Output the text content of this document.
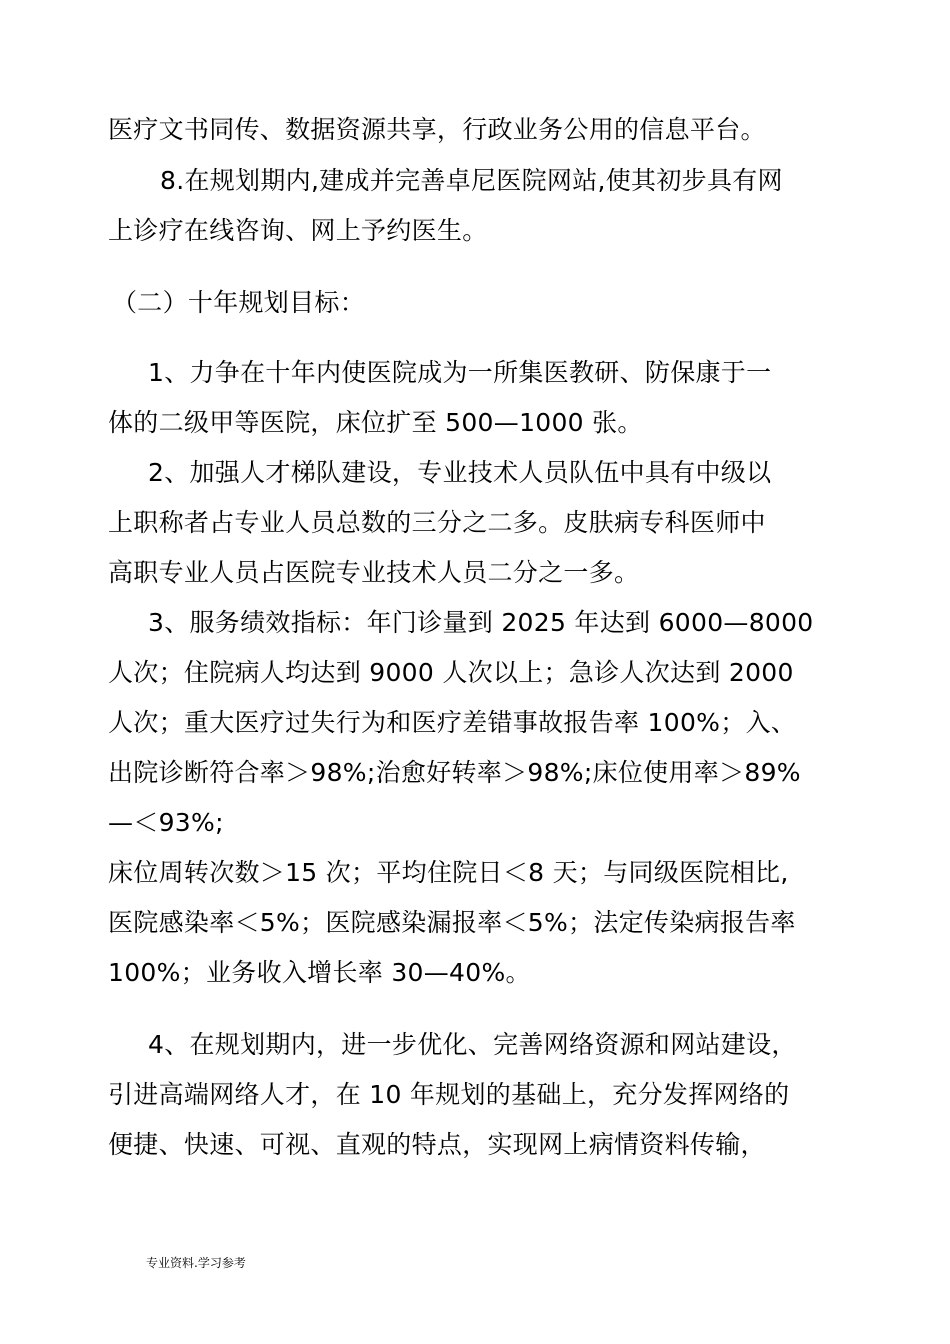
医疗文书同传、数据资源共享，行政业务公用的信息平台。
8.在规划期内,建成并完善卓尼医院网站,使其初步具有网
上诊疗在线咨询、网上予约医生。
（二）十年规划目标：
1、力争在十年内使医院成为一所集医教研、防保康于一
体的二级甲等医院，床位扩至 500—1000 张。
2、加强人才梯队建设，专业技术人员队伍中具有中级以
上职称者占专业人员总数的三分之二多。皮肤病专科医师中
高职专业人员占医院专业技术人员二分之一多。
3、服务绩效指标：年门诊量到 2025 年达到 6000—8000
人次；住院病人均达到 9000 人次以上；急诊人次达到 2000
人次；重大医疗过失行为和医疗差错事故报告率 100%；入、
出院诊断符合率＞98%;治愈好转率＞98%;床位使用率＞89%
—＜93%;
床位周转次数＞15 次；平均住院日＜8 天；与同级医院相比,
医院感染率＜5%；医院感染漏报率＜5%；法定传染病报告率
100%；业务收入增长率 30—40%。
4、在规划期内，进一步优化、完善网络资源和网站建设，
引进高端网络人才，在 10 年规划的基础上，充分发挥网络的
便捷、快速、可视、直观的特点，实现网上病情资料传输，
专业资料.学习参考
